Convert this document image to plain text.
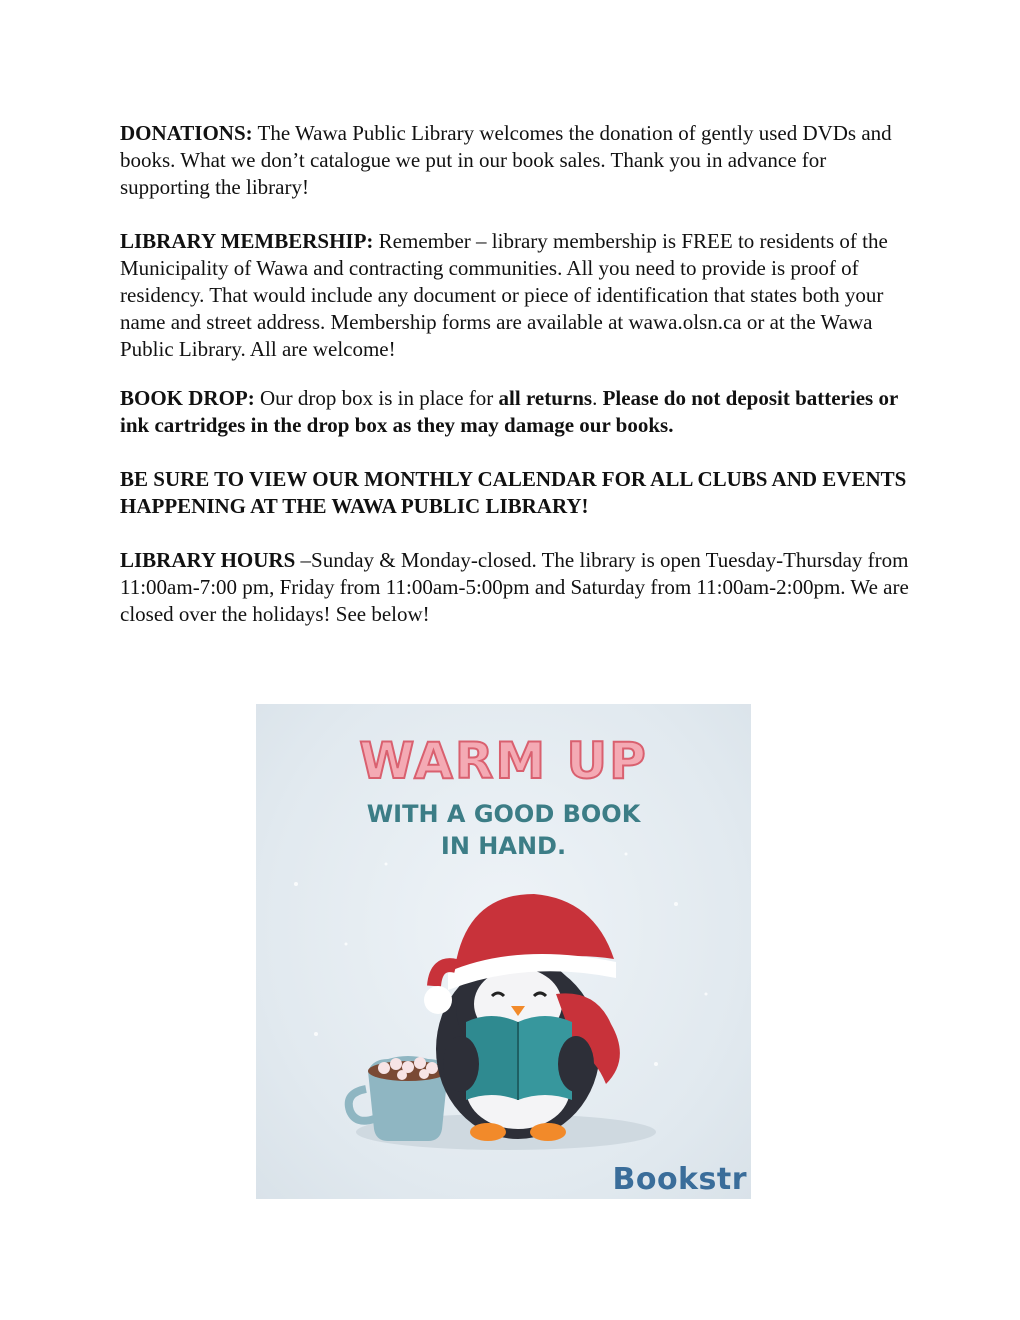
DONATIONS: The Wawa Public Library welcomes the donation of gently used DVDs and books. What we don’t catalogue we put in our book sales. Thank you in advance for supporting the library!

LIBRARY MEMBERSHIP: Remember – library membership is FREE to residents of the Municipality of Wawa and contracting communities. All you need to provide is proof of residency. That would include any document or piece of identification that states both your name and street address. Membership forms are available at wawa.olsn.ca or at the Wawa Public Library. All are welcome!

BOOK DROP: Our drop box is in place for all returns. Please do not deposit batteries or ink cartridges in the drop box as they may damage our books.

BE SURE TO VIEW OUR MONTHLY CALENDAR FOR ALL CLUBS AND EVENTS HAPPENING AT THE WAWA PUBLIC LIBRARY!

LIBRARY HOURS –Sunday & Monday-closed. The library is open Tuesday-Thursday from 11:00am-7:00 pm, Friday from 11:00am-5:00pm and Saturday from 11:00am-2:00pm. We are closed over the holidays! See below!

WARM UP
WITH A GOOD BOOK
IN HAND.
Bookstr
